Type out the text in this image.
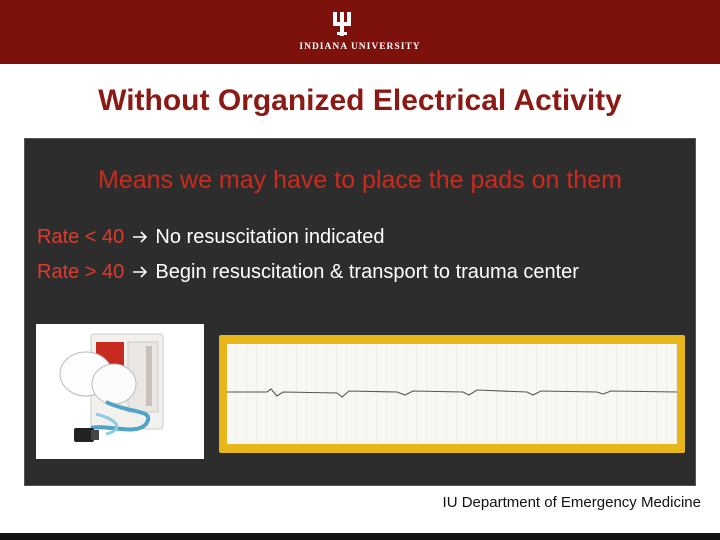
INDIANA UNIVERSITY
Without Organized Electrical Activity
Means we may have to place the pads on them
Rate < 40 No resuscitation indicated
Rate > 40 Begin resuscitation & transport to trauma center
IU Department of Emergency Medicine
